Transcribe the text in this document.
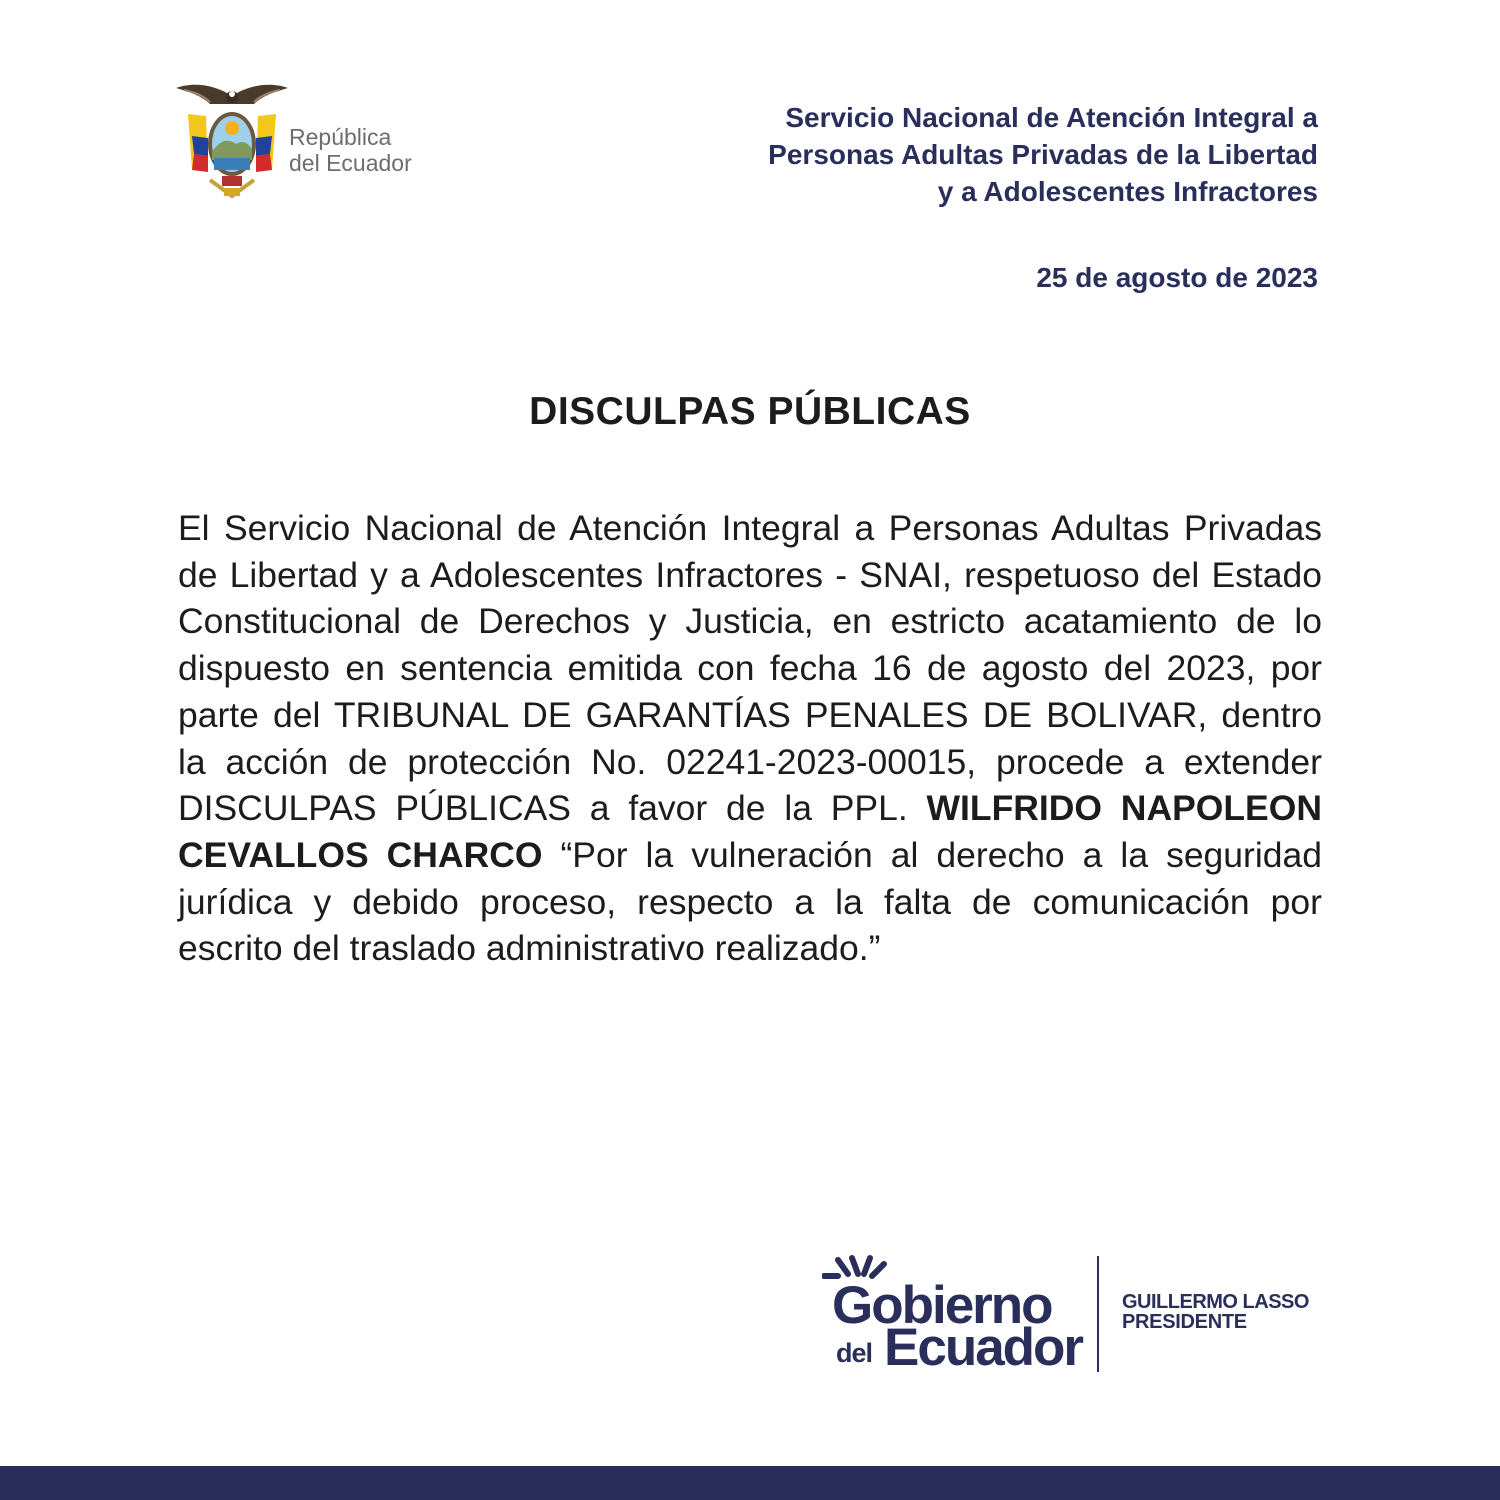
República
del Ecuador
Servicio Nacional de Atención Integral a
Personas Adultas Privadas de la Libertad
y a Adolescentes Infractores
25 de agosto de 2023
DISCULPAS PÚBLICAS
El Servicio Nacional de Atención Integral a Personas Adultas Privadas de Libertad y a Adolescentes Infractores - SNAI, respetuoso del Estado Constitucional de Derechos y Justicia, en estricto acatamiento de lo dispuesto en sentencia emitida con fecha 16 de agosto del 2023, por parte del TRIBUNAL DE GARANTÍAS PENALES DE BOLIVAR, dentro la acción de protección No. 02241-2023-00015, procede a extender DISCULPAS PÚBLICAS a favor de la PPL. WILFRIDO NAPOLEON CEVALLOS CHARCO “Por la vulneración al derecho a la seguridad jurídica y debido proceso, respecto a la falta de comunicación por escrito del traslado administrativo realizado.”
Gobierno
del Ecuador
GUILLERMO LASSO
PRESIDENTE
